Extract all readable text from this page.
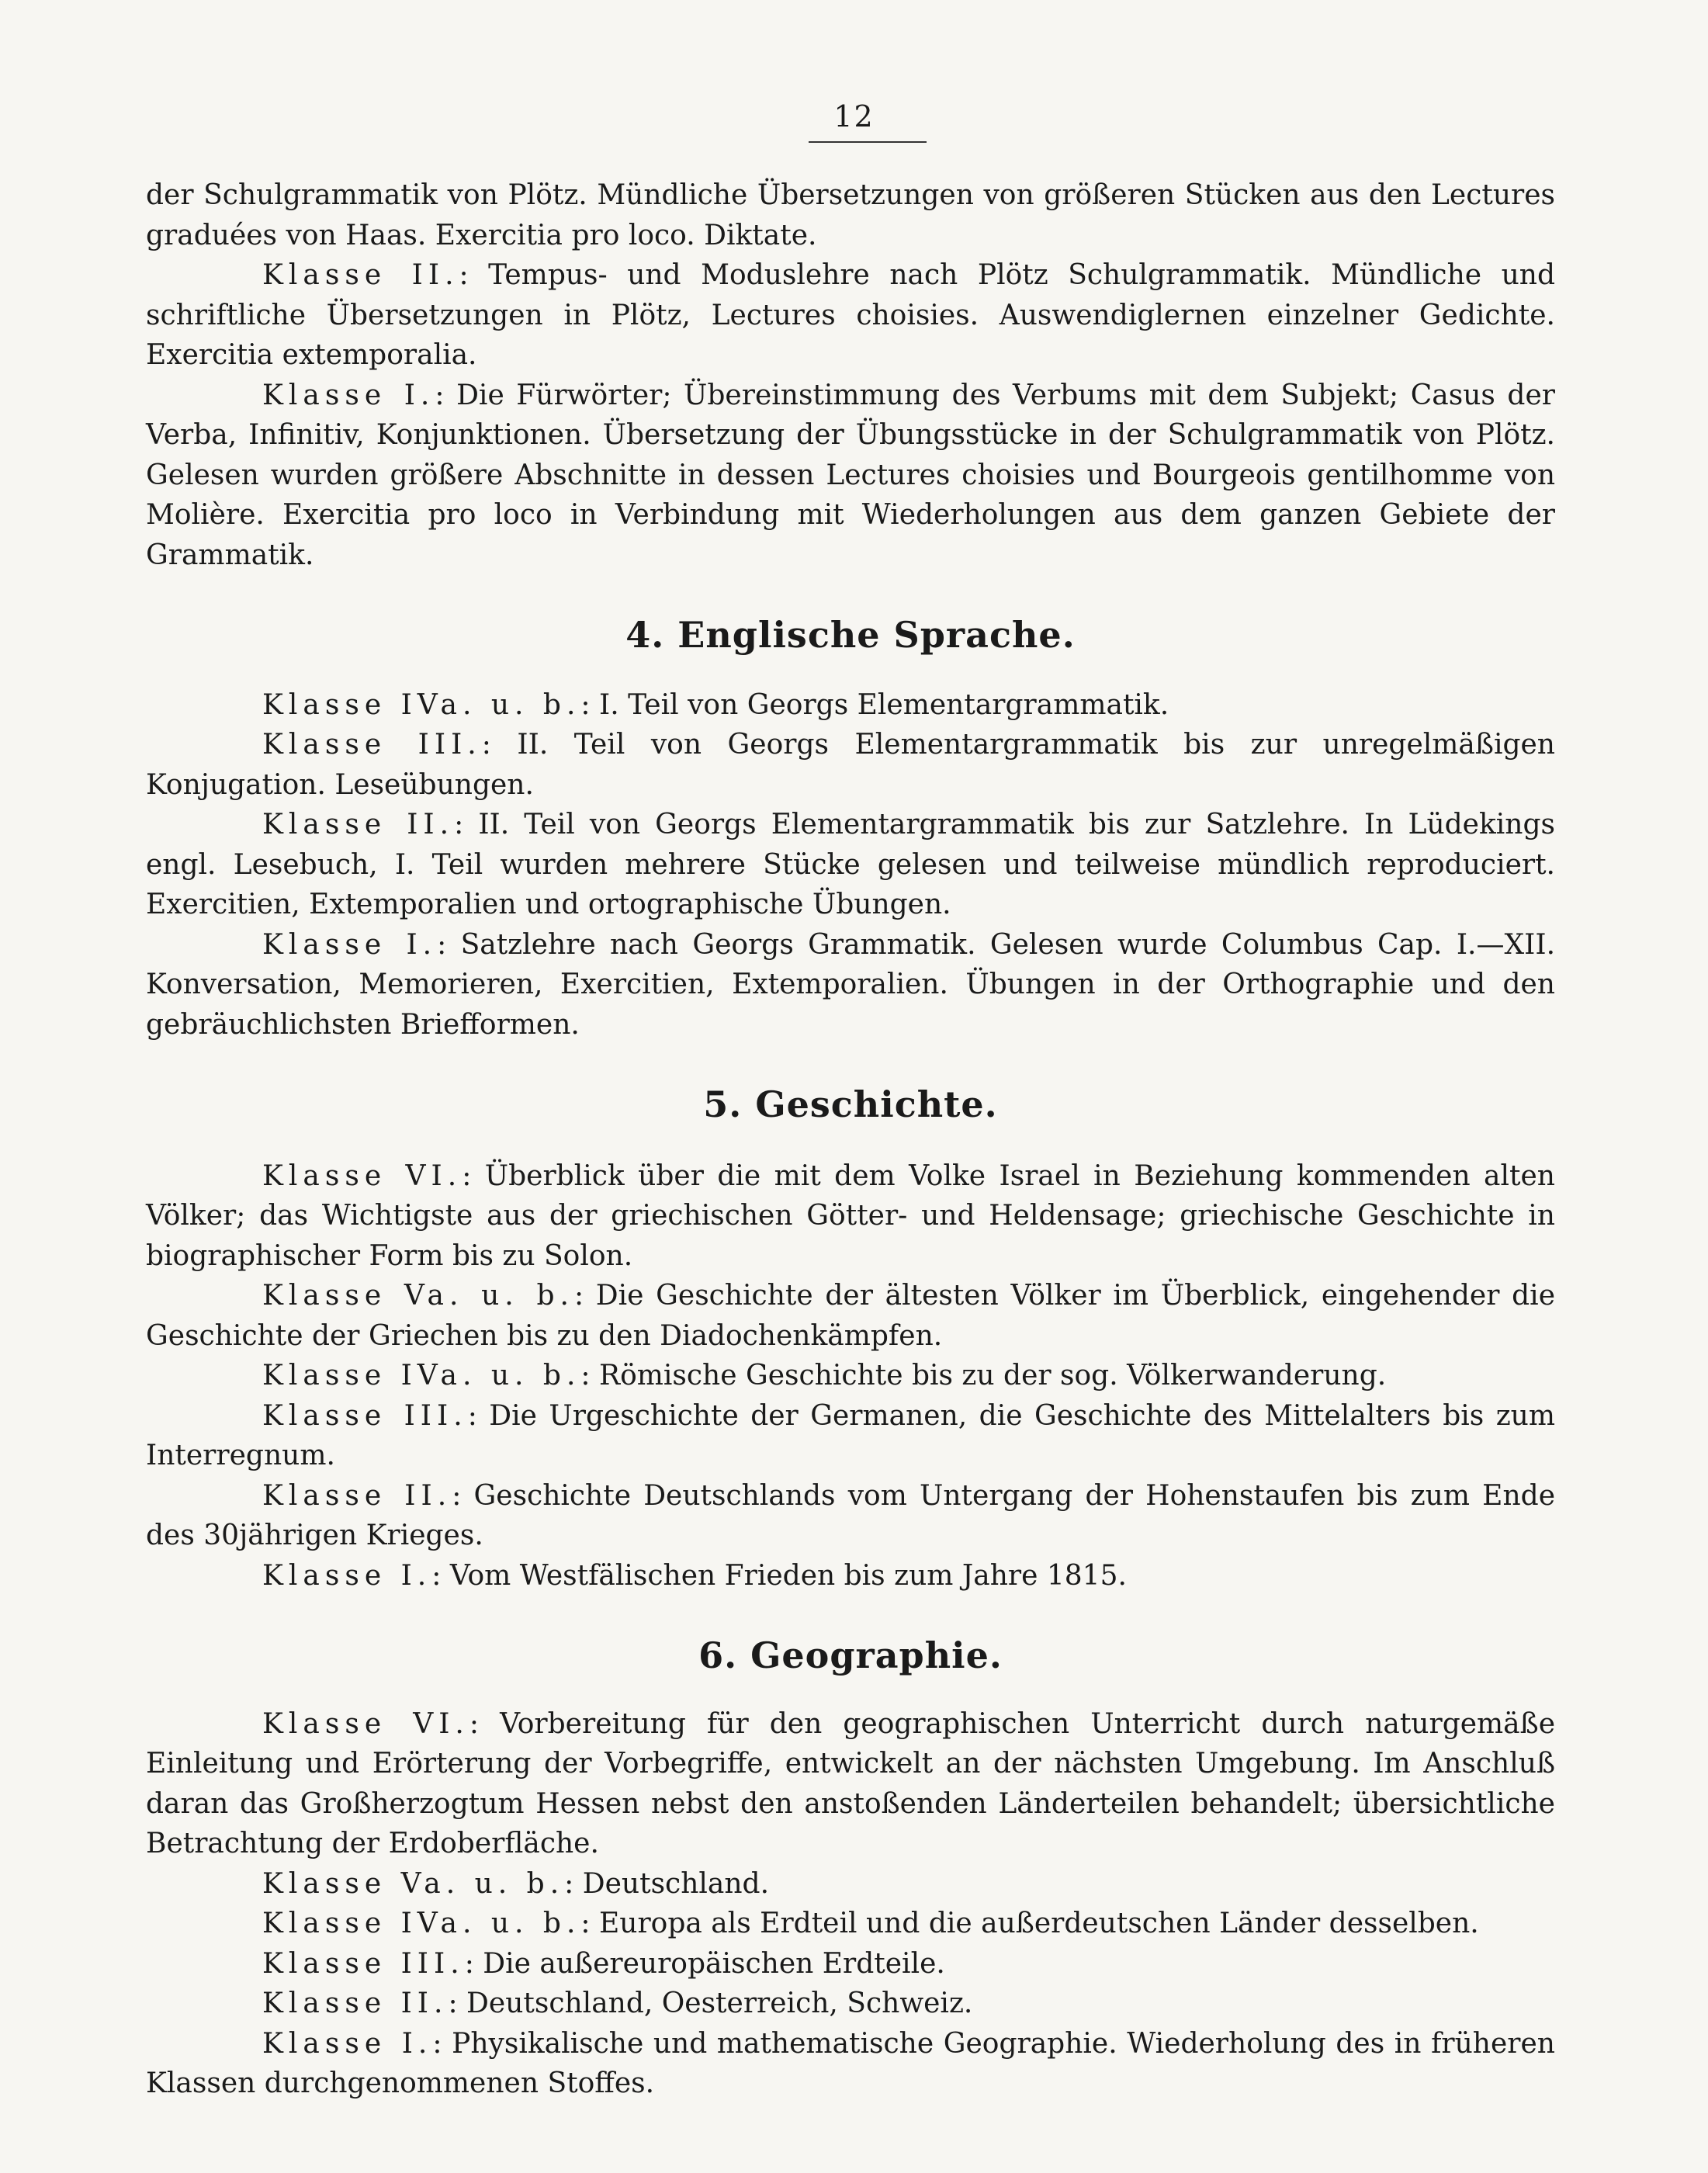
12

der Schulgrammatik von Plötz. Mündliche Übersetzungen von größeren Stücken aus den Lectures graduées von Haas. Exercitia pro loco. Diktate.

Klasse II.: Tempus- und Moduslehre nach Plötz Schulgrammatik. Mündliche und schriftliche Übersetzungen in Plötz, Lectures choisies. Auswendiglernen einzelner Gedichte. Exercitia extemporalia.

Klasse I.: Die Fürwörter; Übereinstimmung des Verbums mit dem Subjekt; Casus der Verba, Infinitiv, Konjunktionen. Übersetzung der Übungsstücke in der Schulgrammatik von Plötz. Gelesen wurden größere Abschnitte in dessen Lectures choisies und Bourgeois gentilhomme von Molière. Exercitia pro loco in Verbindung mit Wiederholungen aus dem ganzen Gebiete der Grammatik.

4. Englische Sprache.

Klasse IVa. u. b.: I. Teil von Georgs Elementargrammatik.

Klasse III.: II. Teil von Georgs Elementargrammatik bis zur unregelmäßigen Konjugation. Leseübungen.

Klasse II.: II. Teil von Georgs Elementargrammatik bis zur Satzlehre. In Lüdekings engl. Lesebuch, I. Teil wurden mehrere Stücke gelesen und teilweise mündlich reproduciert. Exercitien, Extemporalien und ortographische Übungen.

Klasse I.: Satzlehre nach Georgs Grammatik. Gelesen wurde Columbus Cap. I.—XII. Konversation, Memorieren, Exercitien, Extemporalien. Übungen in der Orthographie und den gebräuchlichsten Briefformen.

5. Geschichte.

Klasse VI.: Überblick über die mit dem Volke Israel in Beziehung kommenden alten Völker; das Wichtigste aus der griechischen Götter- und Heldensage; griechische Geschichte in biographischer Form bis zu Solon.

Klasse Va. u. b.: Die Geschichte der ältesten Völker im Überblick, eingehender die Geschichte der Griechen bis zu den Diadochenkämpfen.

Klasse IVa. u. b.: Römische Geschichte bis zu der sog. Völkerwanderung.

Klasse III.: Die Urgeschichte der Germanen, die Geschichte des Mittelalters bis zum Interregnum.

Klasse II.: Geschichte Deutschlands vom Untergang der Hohenstaufen bis zum Ende des 30jährigen Krieges.

Klasse I.: Vom Westfälischen Frieden bis zum Jahre 1815.

6. Geographie.

Klasse VI.: Vorbereitung für den geographischen Unterricht durch naturgemäße Einleitung und Erörterung der Vorbegriffe, entwickelt an der nächsten Umgebung. Im Anschluß daran das Großherzogtum Hessen nebst den anstoßenden Länderteilen behandelt; übersichtliche Betrachtung der Erdoberfläche.

Klasse Va. u. b.: Deutschland.

Klasse IVa. u. b.: Europa als Erdteil und die außerdeutschen Länder desselben.

Klasse III.: Die außereuropäischen Erdteile.

Klasse II.: Deutschland, Oesterreich, Schweiz.

Klasse I.: Physikalische und mathematische Geographie. Wiederholung des in früheren Klassen durchgenommenen Stoffes.
